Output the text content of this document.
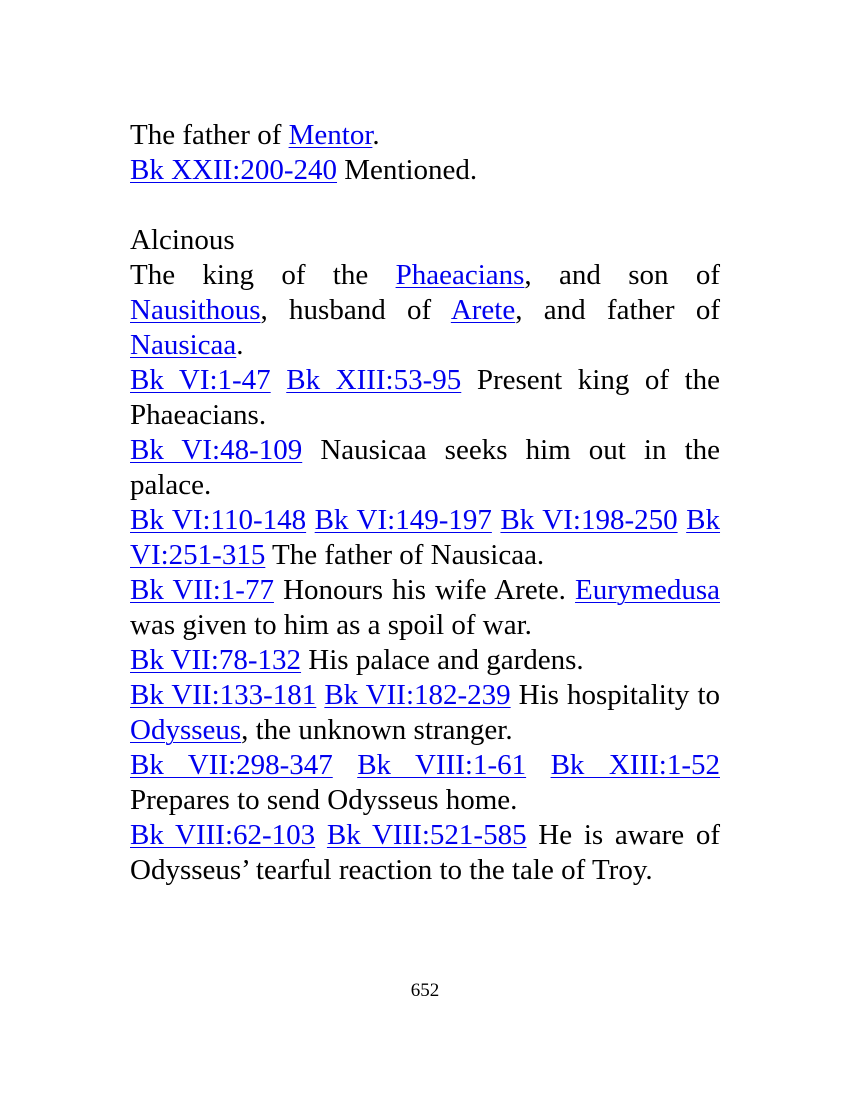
The father of Mentor.

Bk XXII:200-240 Mentioned.

Alcinous

The king of the Phaeacians, and son of Nausithous, husband of Arete, and father of Nausicaa.

Bk VI:1-47 Bk XIII:53-95 Present king of the Phaeacians.

Bk VI:48-109 Nausicaa seeks him out in the palace.

Bk VI:110-148 Bk VI:149-197 Bk VI:198-250 Bk VI:251-315 The father of Nausicaa.

Bk VII:1-77 Honours his wife Arete. Eurymedusa was given to him as a spoil of war.

Bk VII:78-132 His palace and gardens.

Bk VII:133-181 Bk VII:182-239 His hospitality to Odysseus, the unknown stranger.

Bk VII:298-347 Bk VIII:1-61 Bk XIII:1-52 Prepares to send Odysseus home.

Bk VIII:62-103 Bk VIII:521-585 He is aware of Odysseus’ tearful reaction to the tale of Troy.

652
